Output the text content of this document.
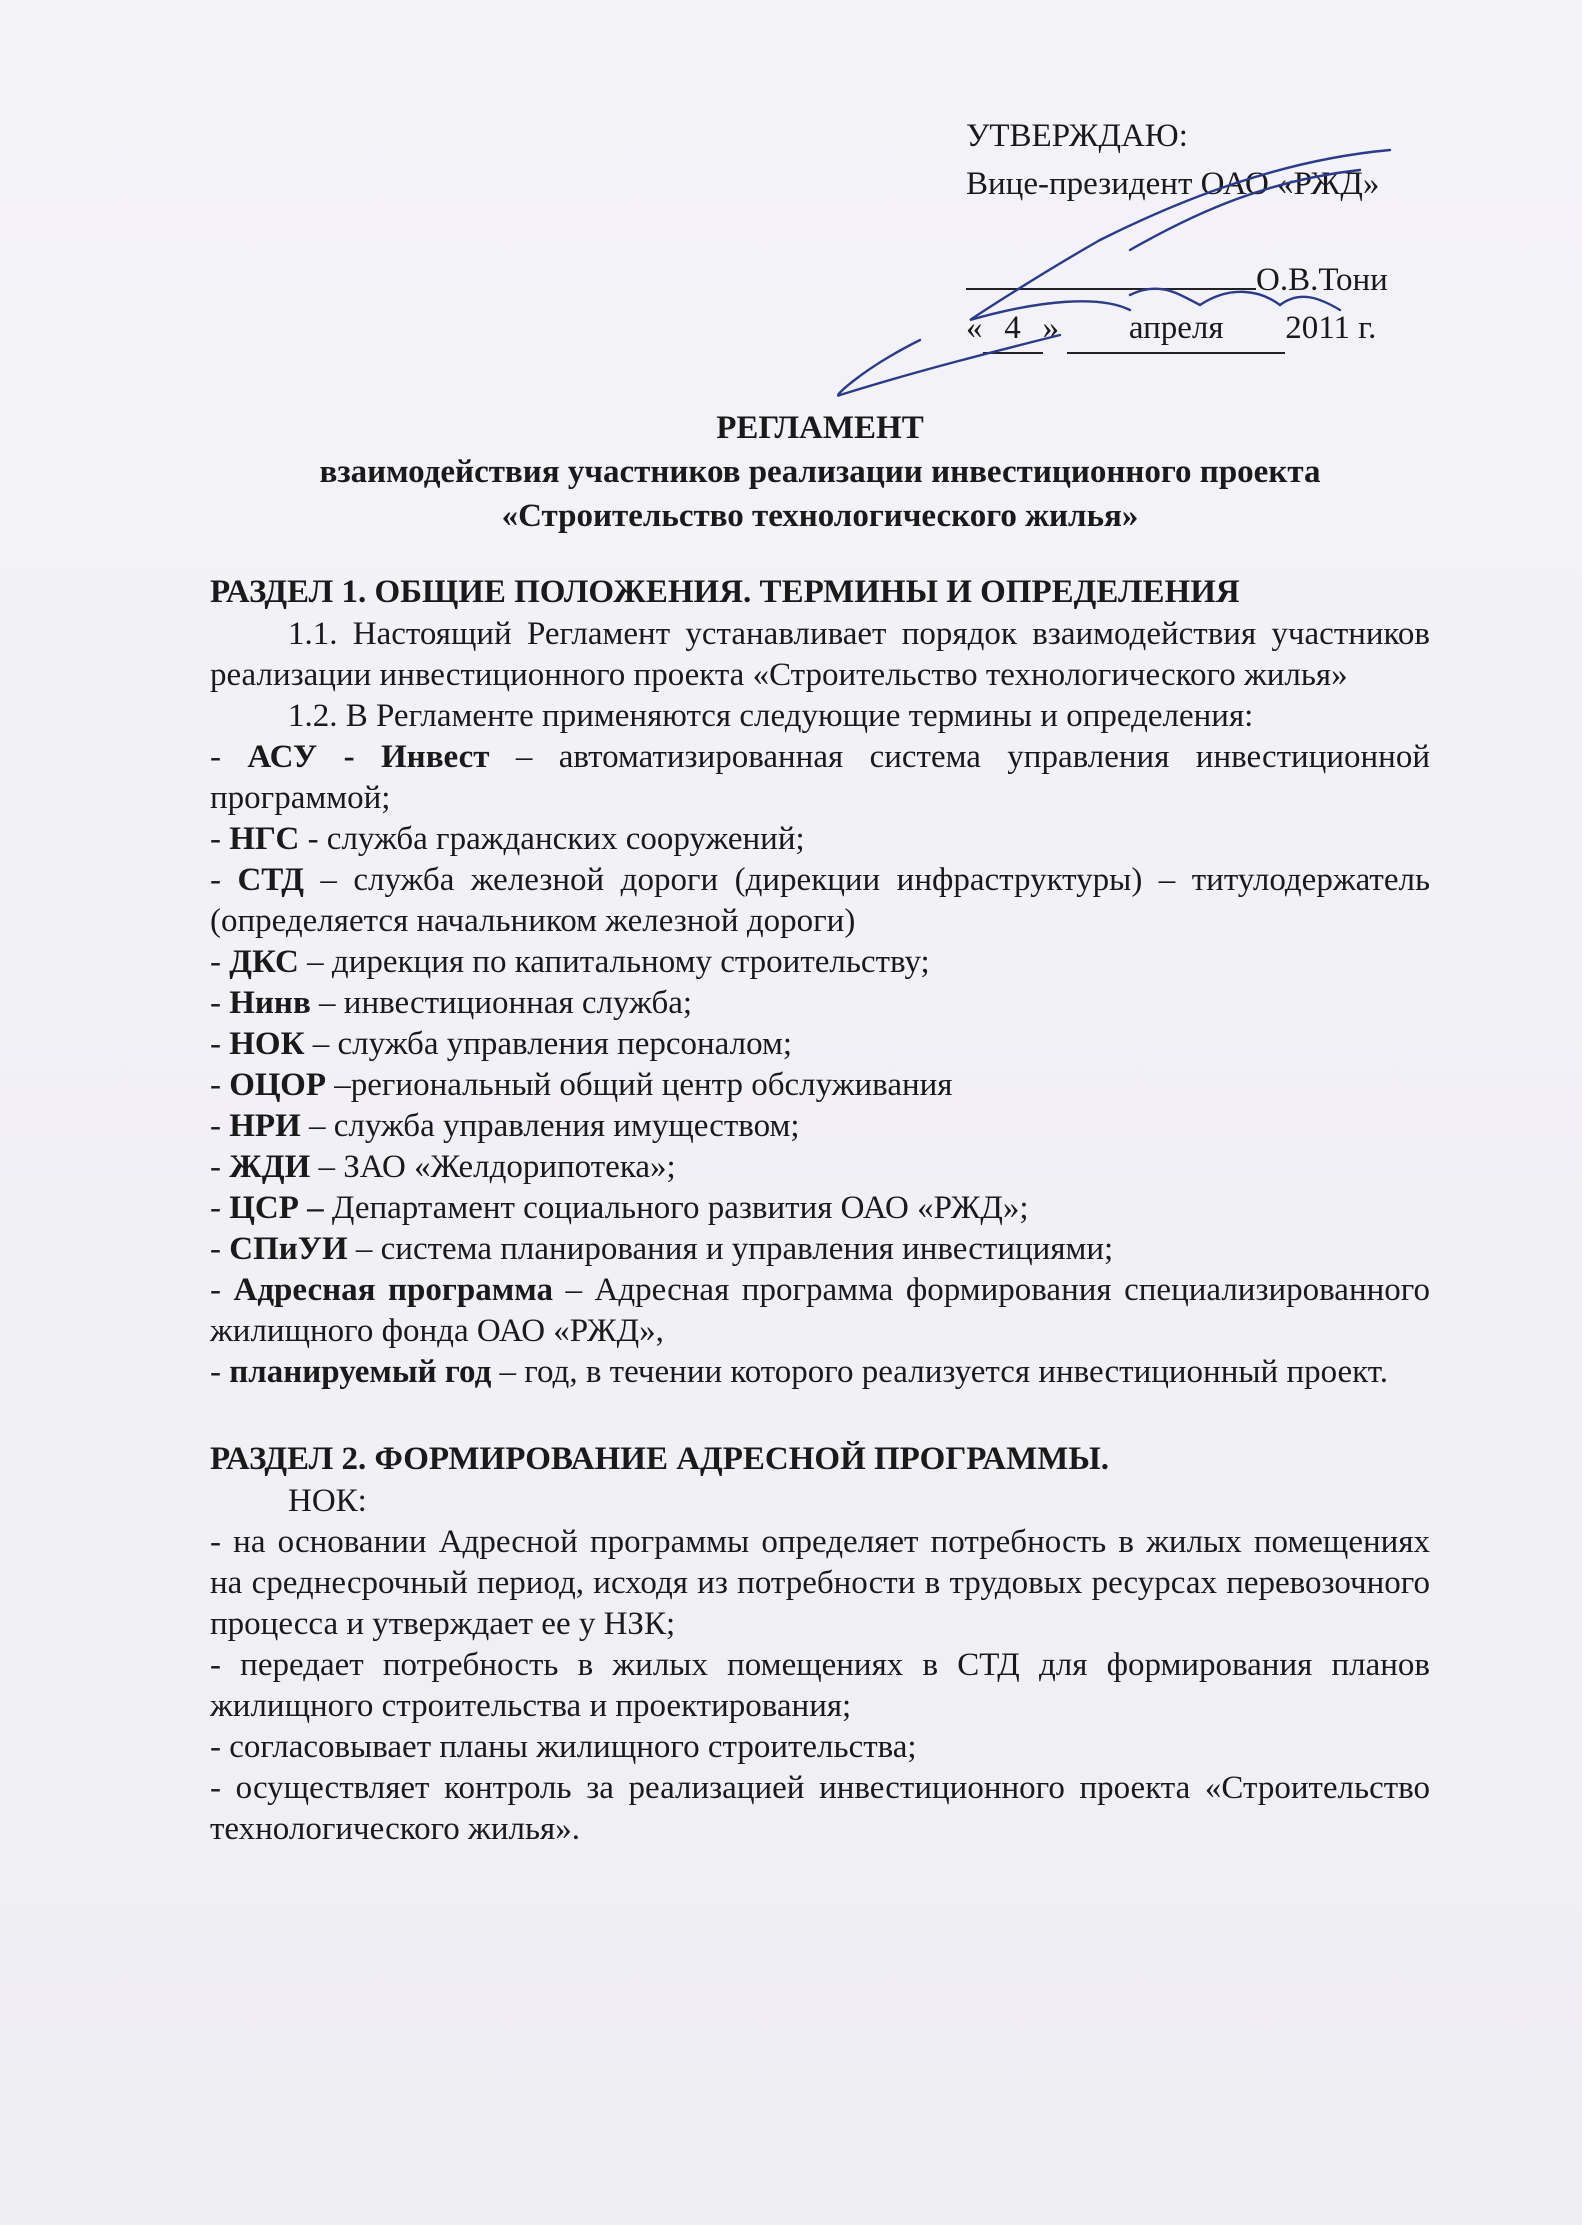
УТВЕРЖДАЮ:
Вице-президент ОАО «РЖД»
О.В.Тони
« 4 » апреля 2011 г.
РЕГЛАМЕНТ
взаимодействия участников реализации инвестиционного проекта
«Строительство технологического жилья»
РАЗДЕЛ 1. ОБЩИЕ ПОЛОЖЕНИЯ. ТЕРМИНЫ И ОПРЕДЕЛЕНИЯ
1.1. Настоящий Регламент устанавливает порядок взаимодействия участников реализации инвестиционного проекта «Строительство технологического жилья»
1.2. В Регламенте применяются следующие термины и определения:
- АСУ - Инвест – автоматизированная система управления инвестиционной программой;
- НГС - служба гражданских сооружений;
- СТД – служба железной дороги (дирекции инфраструктуры) – титулодержатель (определяется начальником железной дороги)
- ДКС – дирекция по капитальному строительству;
- Нинв – инвестиционная служба;
- НОК – служба управления персоналом;
- ОЦОР –региональный общий центр обслуживания
- НРИ – служба управления имуществом;
- ЖДИ – ЗАО «Желдорипотека»;
- ЦСР – Департамент социального развития ОАО «РЖД»;
- СПиУИ – система планирования и управления инвестициями;
- Адресная программа – Адресная программа формирования специализированного жилищного фонда ОАО «РЖД»,
- планируемый год – год, в течении которого реализуется инвестиционный проект.
РАЗДЕЛ 2. ФОРМИРОВАНИЕ АДРЕСНОЙ ПРОГРАММЫ.
НОК:
- на основании Адресной программы определяет потребность в жилых помещениях на среднесрочный период, исходя из потребности в трудовых ресурсах перевозочного процесса и утверждает ее у НЗК;
- передает потребность в жилых помещениях в СТД для формирования планов жилищного строительства и проектирования;
- согласовывает планы жилищного строительства;
- осуществляет контроль за реализацией инвестиционного проекта «Строительство технологического жилья».
